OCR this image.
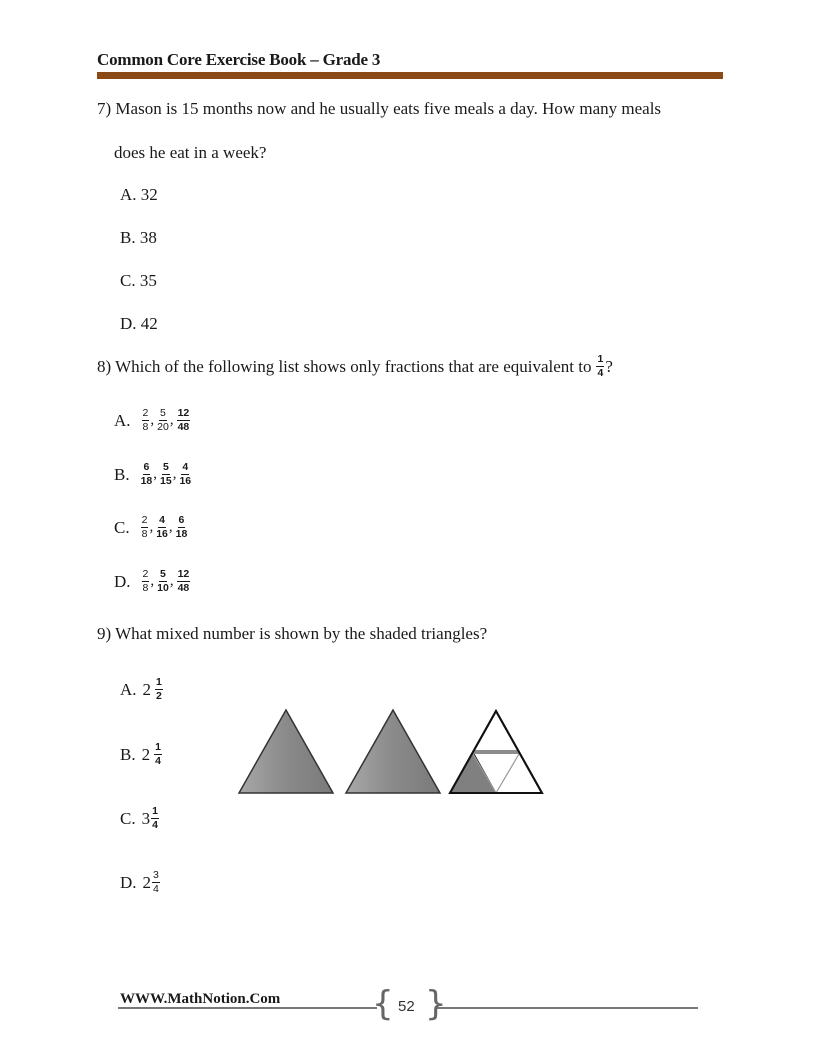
Common Core Exercise Book – Grade 3
7) Mason is 15 months now and he usually eats five meals a day. How many meals
does he eat in a week?
A. 32
B. 38
C. 35
D. 42
8) Which of the following list shows only fractions that are equivalent to $\frac{1}{4}$ ?
A. $\frac{2}{8}$ , $\frac{5}{20}$ , $\frac{12}{48}$
B. $\frac{6}{18}$ , $\frac{5}{15}$ , $\frac{4}{16}$
C. $\frac{2}{8}$ , $\frac{4}{16}$ , $\frac{6}{18}$
D. $\frac{2}{8}$ , $\frac{5}{10}$ , $\frac{12}{48}$
9) What mixed number is shown by the shaded triangles?
A. $2 \frac{1}{2}$
B. $2 \frac{1}{4}$
C. $3 \frac{1}{4}$
D. $2 \frac{3}{4}$
WWW.MathNotion.Com	{ }
52
